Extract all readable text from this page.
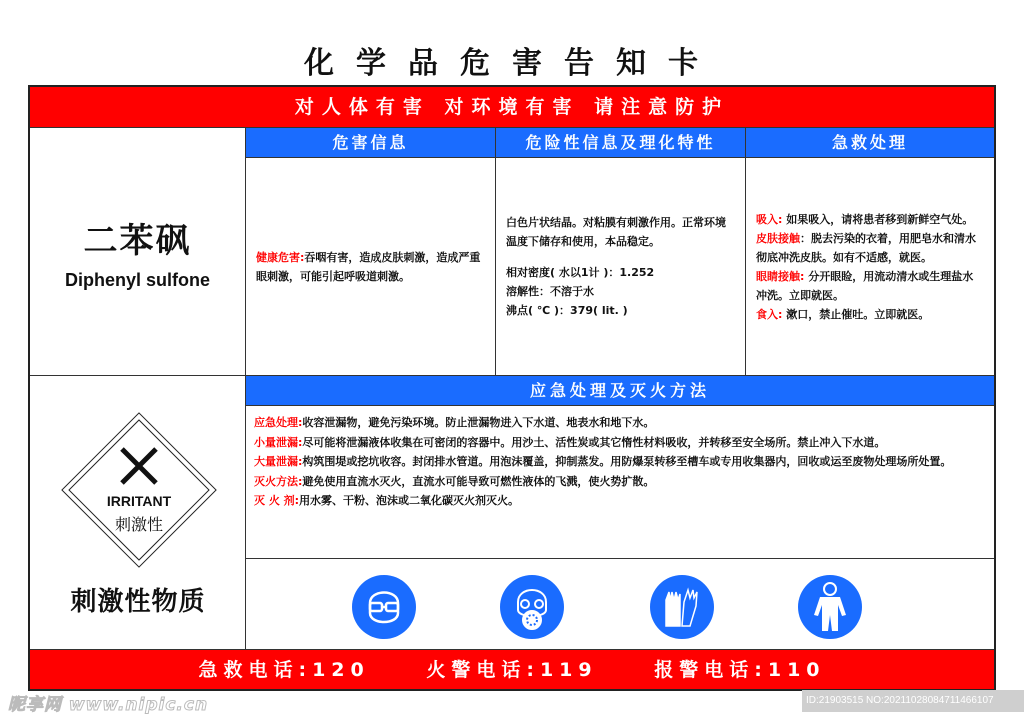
化学品危害告知卡
对人体有害 对环境有害 请注意防护
二苯砜
Diphenyl sulfone
危害信息
健康危害:吞咽有害，造成皮肤刺激，造成严重眼刺激，可能引起呼吸道刺激。
危险性信息及理化特性
白色片状结晶。对粘膜有刺激作用。正常环境温度下储存和使用，本品稳定。
相对密度( 水以1计 )：1.252
溶解性：不溶于水
沸点( ℃ )：379( lit. )
急救处理
吸入: 如果吸入，请将患者移到新鲜空气处。
皮肤接触：脱去污染的衣着，用肥皂水和清水彻底冲洗皮肤。如有不适感，就医。
眼睛接触: 分开眼睑，用流动清水或生理盐水冲洗。立即就医。
食入: 漱口，禁止催吐。立即就医。
IRRITANT
刺激性
刺激性物质
应急处理及灭火方法
应急处理:收容泄漏物，避免污染环境。防止泄漏物进入下水道、地表水和地下水。
小量泄漏:尽可能将泄漏液体收集在可密闭的容器中。用沙土、活性炭或其它惰性材料吸收，并转移至安全场所。禁止冲入下水道。
大量泄漏:构筑围堤或挖坑收容。封闭排水管道。用泡沫覆盖，抑制蒸发。用防爆泵转移至槽车或专用收集器内，回收或运至废物处理场所处置。
灭火方法:避免使用直流水灭火，直流水可能导致可燃性液体的飞溅，使火势扩散。
灭 火 剂:用水雾、干粉、泡沫或二氧化碳灭火剂灭火。
急救电话:120	火警电话:119	报警电话:110
昵享网 www.nipic.cn	ID:21903515 NO:20211028084711466107
